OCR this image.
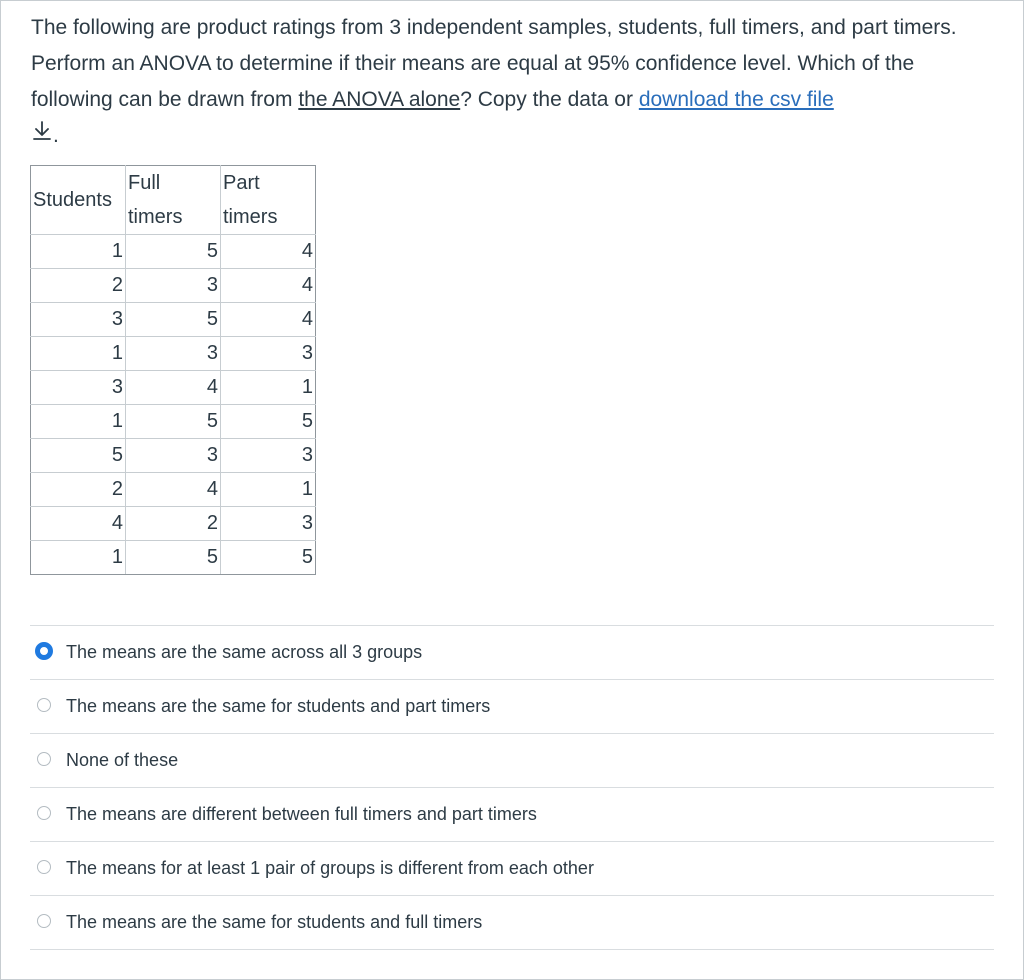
The following are product ratings from 3 independent samples, students, full timers, and part timers. Perform an ANOVA to determine if their means are equal at 95% confidence level. Which of the following can be drawn from the ANOVA alone? Copy the data or download the csv file
.
Students	Full timers	Part timers
1	5	4
2	3	4
3	5	4
1	3	3
3	4	1
1	5	5
5	3	3
2	4	1
4	2	3
1	5	5
The means are the same across all 3 groups
The means are the same for students and part timers
None of these
The means are different between full timers and part timers
The means for at least 1 pair of groups is different from each other
The means are the same for students and full timers
